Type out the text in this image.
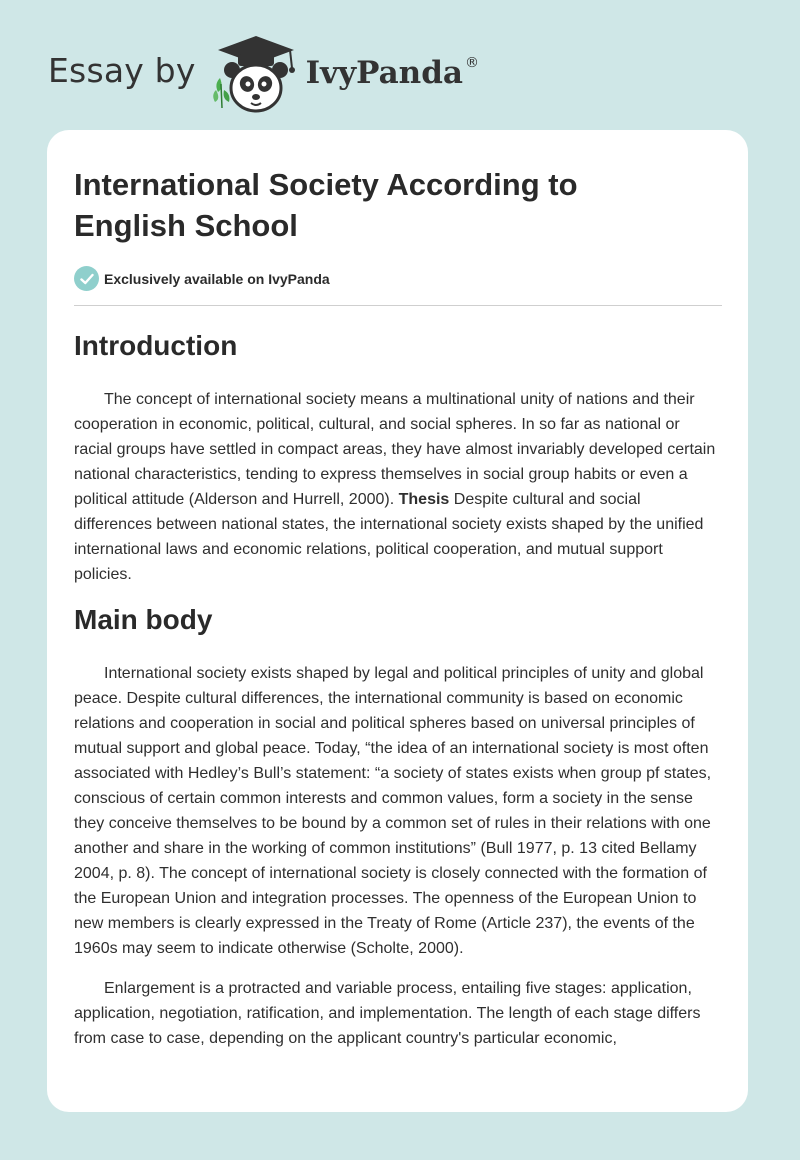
Essay by	IvyPanda ®
International Society According to English School
Exclusively available on IvyPanda
Introduction

The concept of international society means a multinational unity of nations and their cooperation in economic, political, cultural, and social spheres. In so far as national or racial groups have settled in compact areas, they have almost invariably developed certain national characteristics, tending to express themselves in social group habits or even a political attitude (Alderson and Hurrell, 2000). Thesis Despite cultural and social differences between national states, the international society exists shaped by the unified international laws and economic relations, political cooperation, and mutual support policies.

Main body

International society exists shaped by legal and political principles of unity and global peace. Despite cultural differences, the international community is based on economic relations and cooperation in social and political spheres based on universal principles of mutual support and global peace. Today, “the idea of an international society is most often associated with Hedley’s Bull’s statement: “a society of states exists when group pf states, conscious of certain common interests and common values, form a society in the sense they conceive themselves to be bound by a common set of rules in their relations with one another and share in the working of common institutions” (Bull 1977, p. 13 cited Bellamy 2004, p. 8). The concept of international society is closely connected with the formation of the European Union and integration processes. The openness of the European Union to new members is clearly expressed in the Treaty of Rome (Article 237), the events of the 1960s may seem to indicate otherwise (Scholte, 2000).

Enlargement is a protracted and variable process, entailing five stages: application, application, negotiation, ratification, and implementation. The length of each stage differs from case to case, depending on the applicant country's particular economic,
